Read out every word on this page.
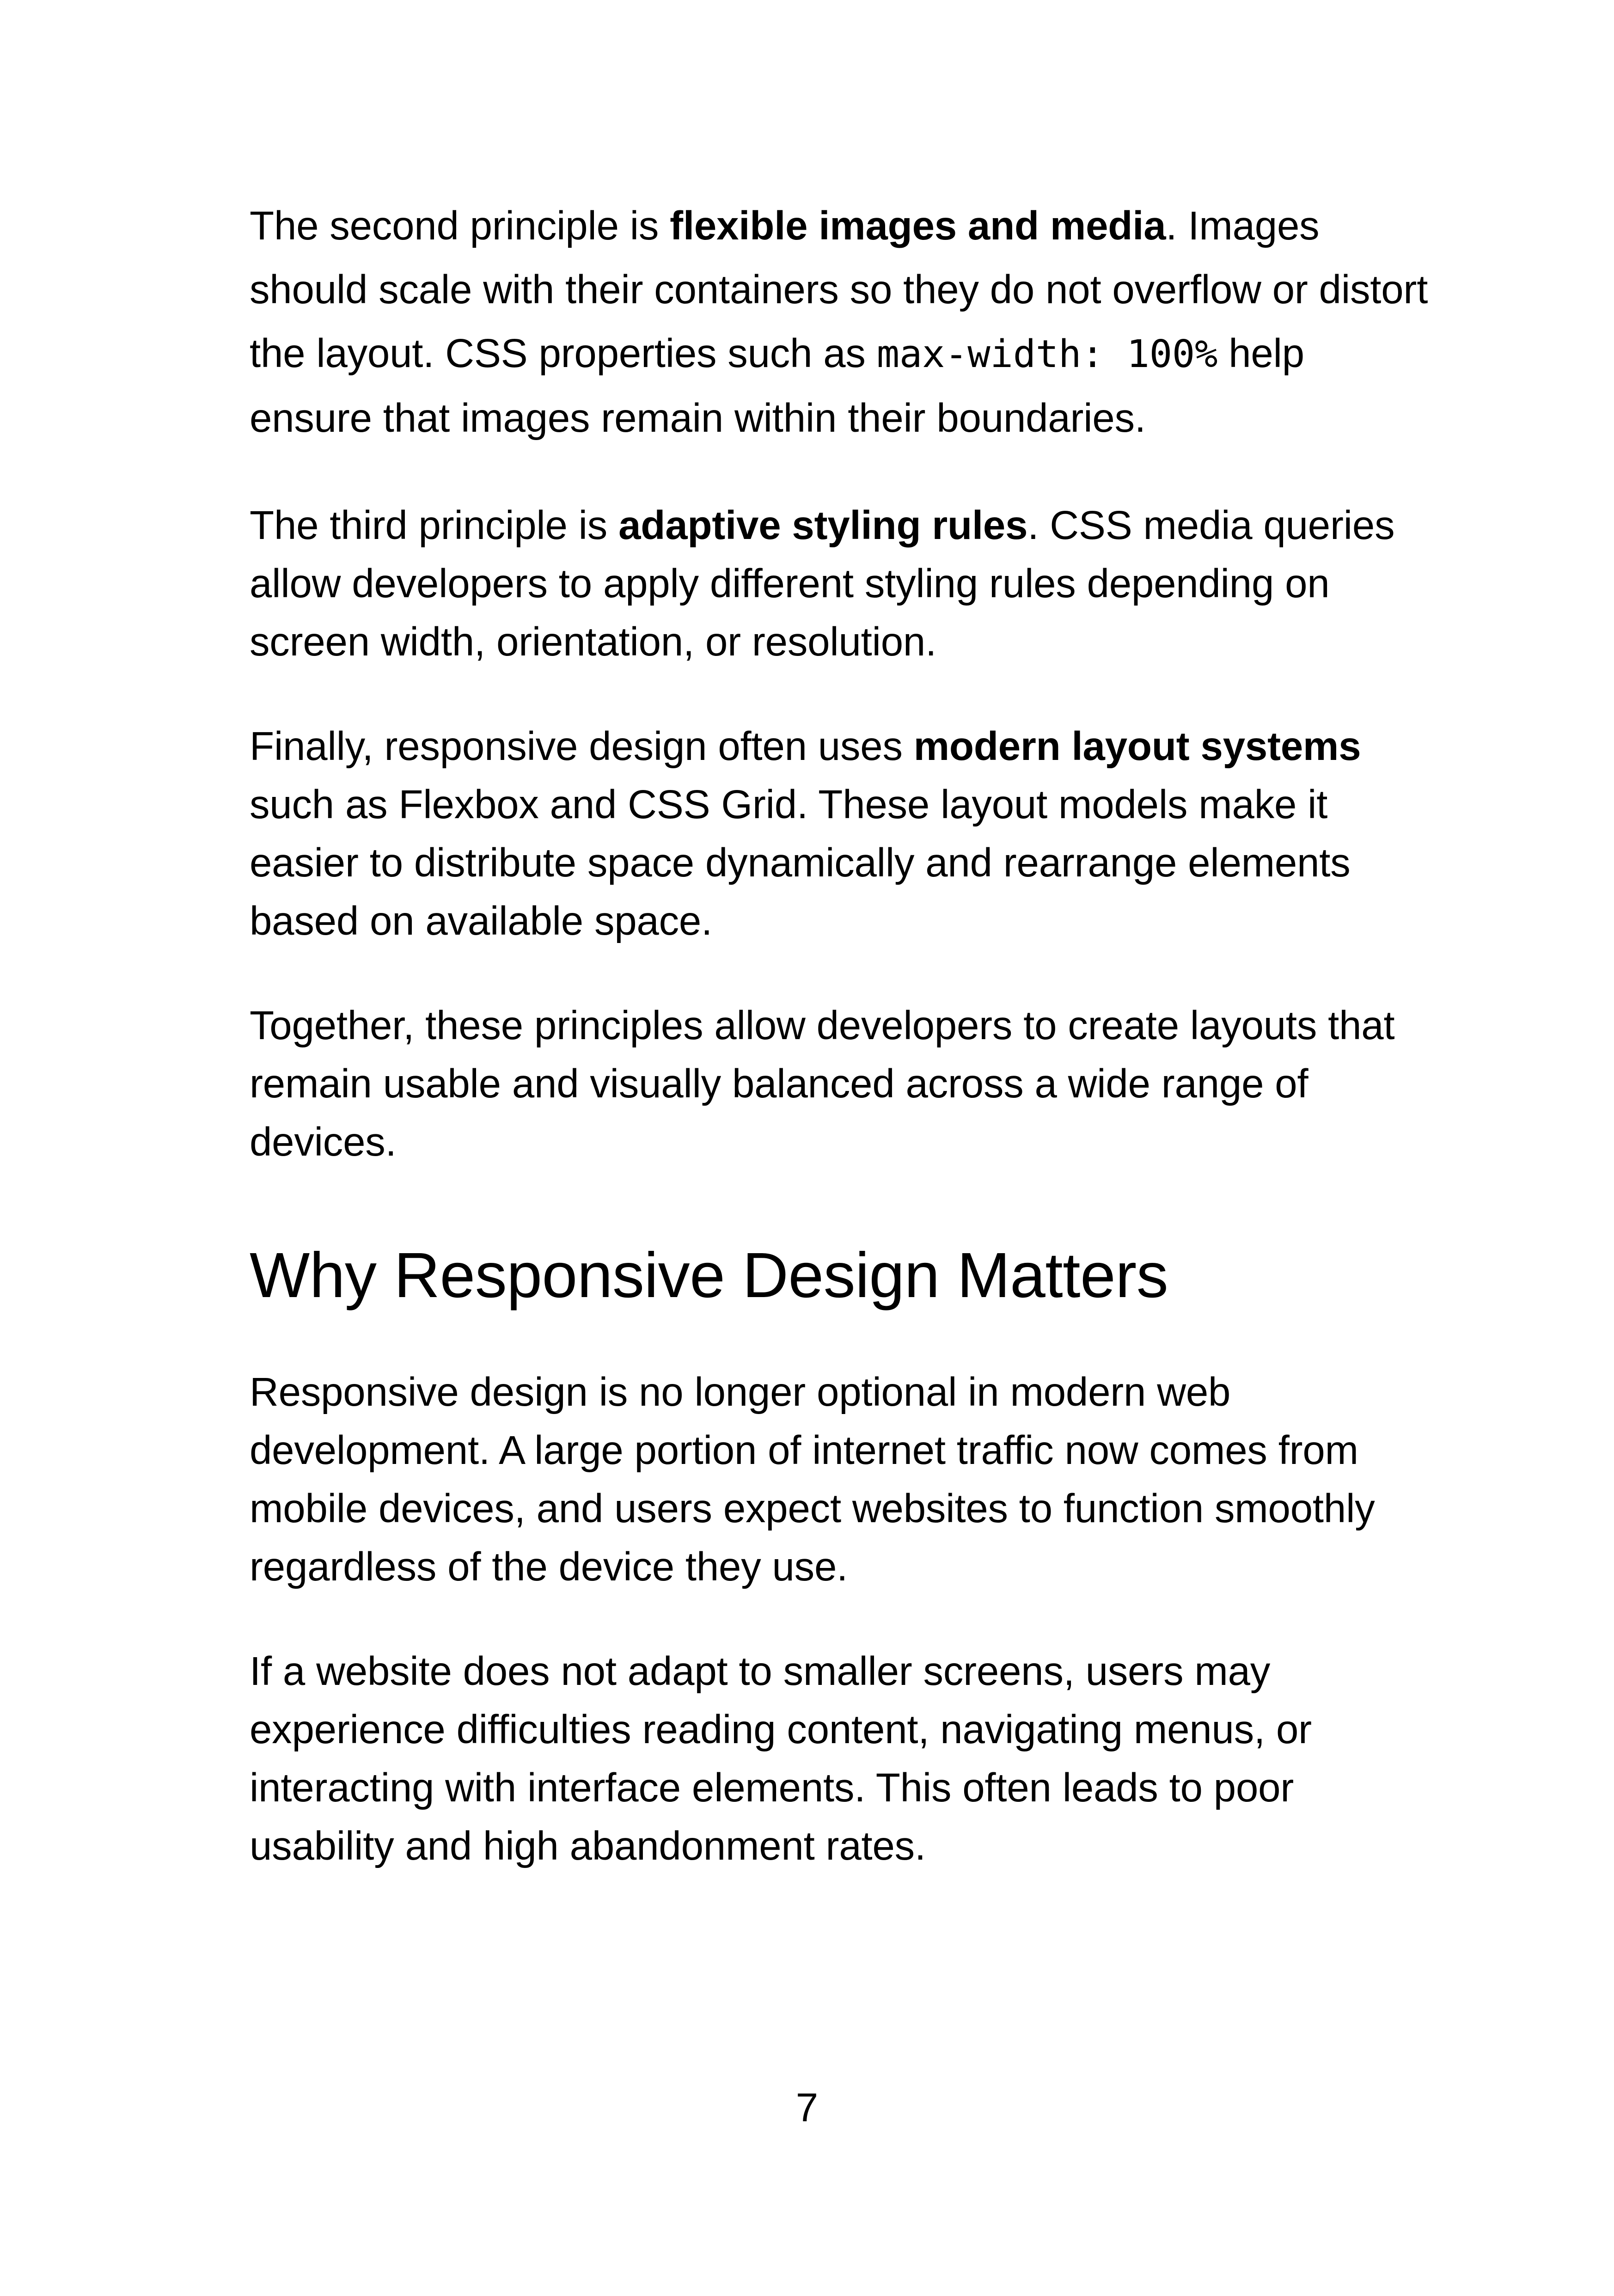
The second principle is flexible images and media. Images should scale with their containers so they do not overflow or distort the layout. CSS properties such as max-width: 100% help ensure that images remain within their boundaries.

The third principle is adaptive styling rules. CSS media queries allow developers to apply different styling rules depending on screen width, orientation, or resolution.

Finally, responsive design often uses modern layout systems such as Flexbox and CSS Grid. These layout models make it easier to distribute space dynamically and rearrange elements based on available space.

Together, these principles allow developers to create layouts that remain usable and visually balanced across a wide range of devices.

Why Responsive Design Matters

Responsive design is no longer optional in modern web development. A large portion of internet traffic now comes from mobile devices, and users expect websites to function smoothly regardless of the device they use.

If a website does not adapt to smaller screens, users may experience difficulties reading content, navigating menus, or interacting with interface elements. This often leads to poor usability and high abandonment rates.

7
